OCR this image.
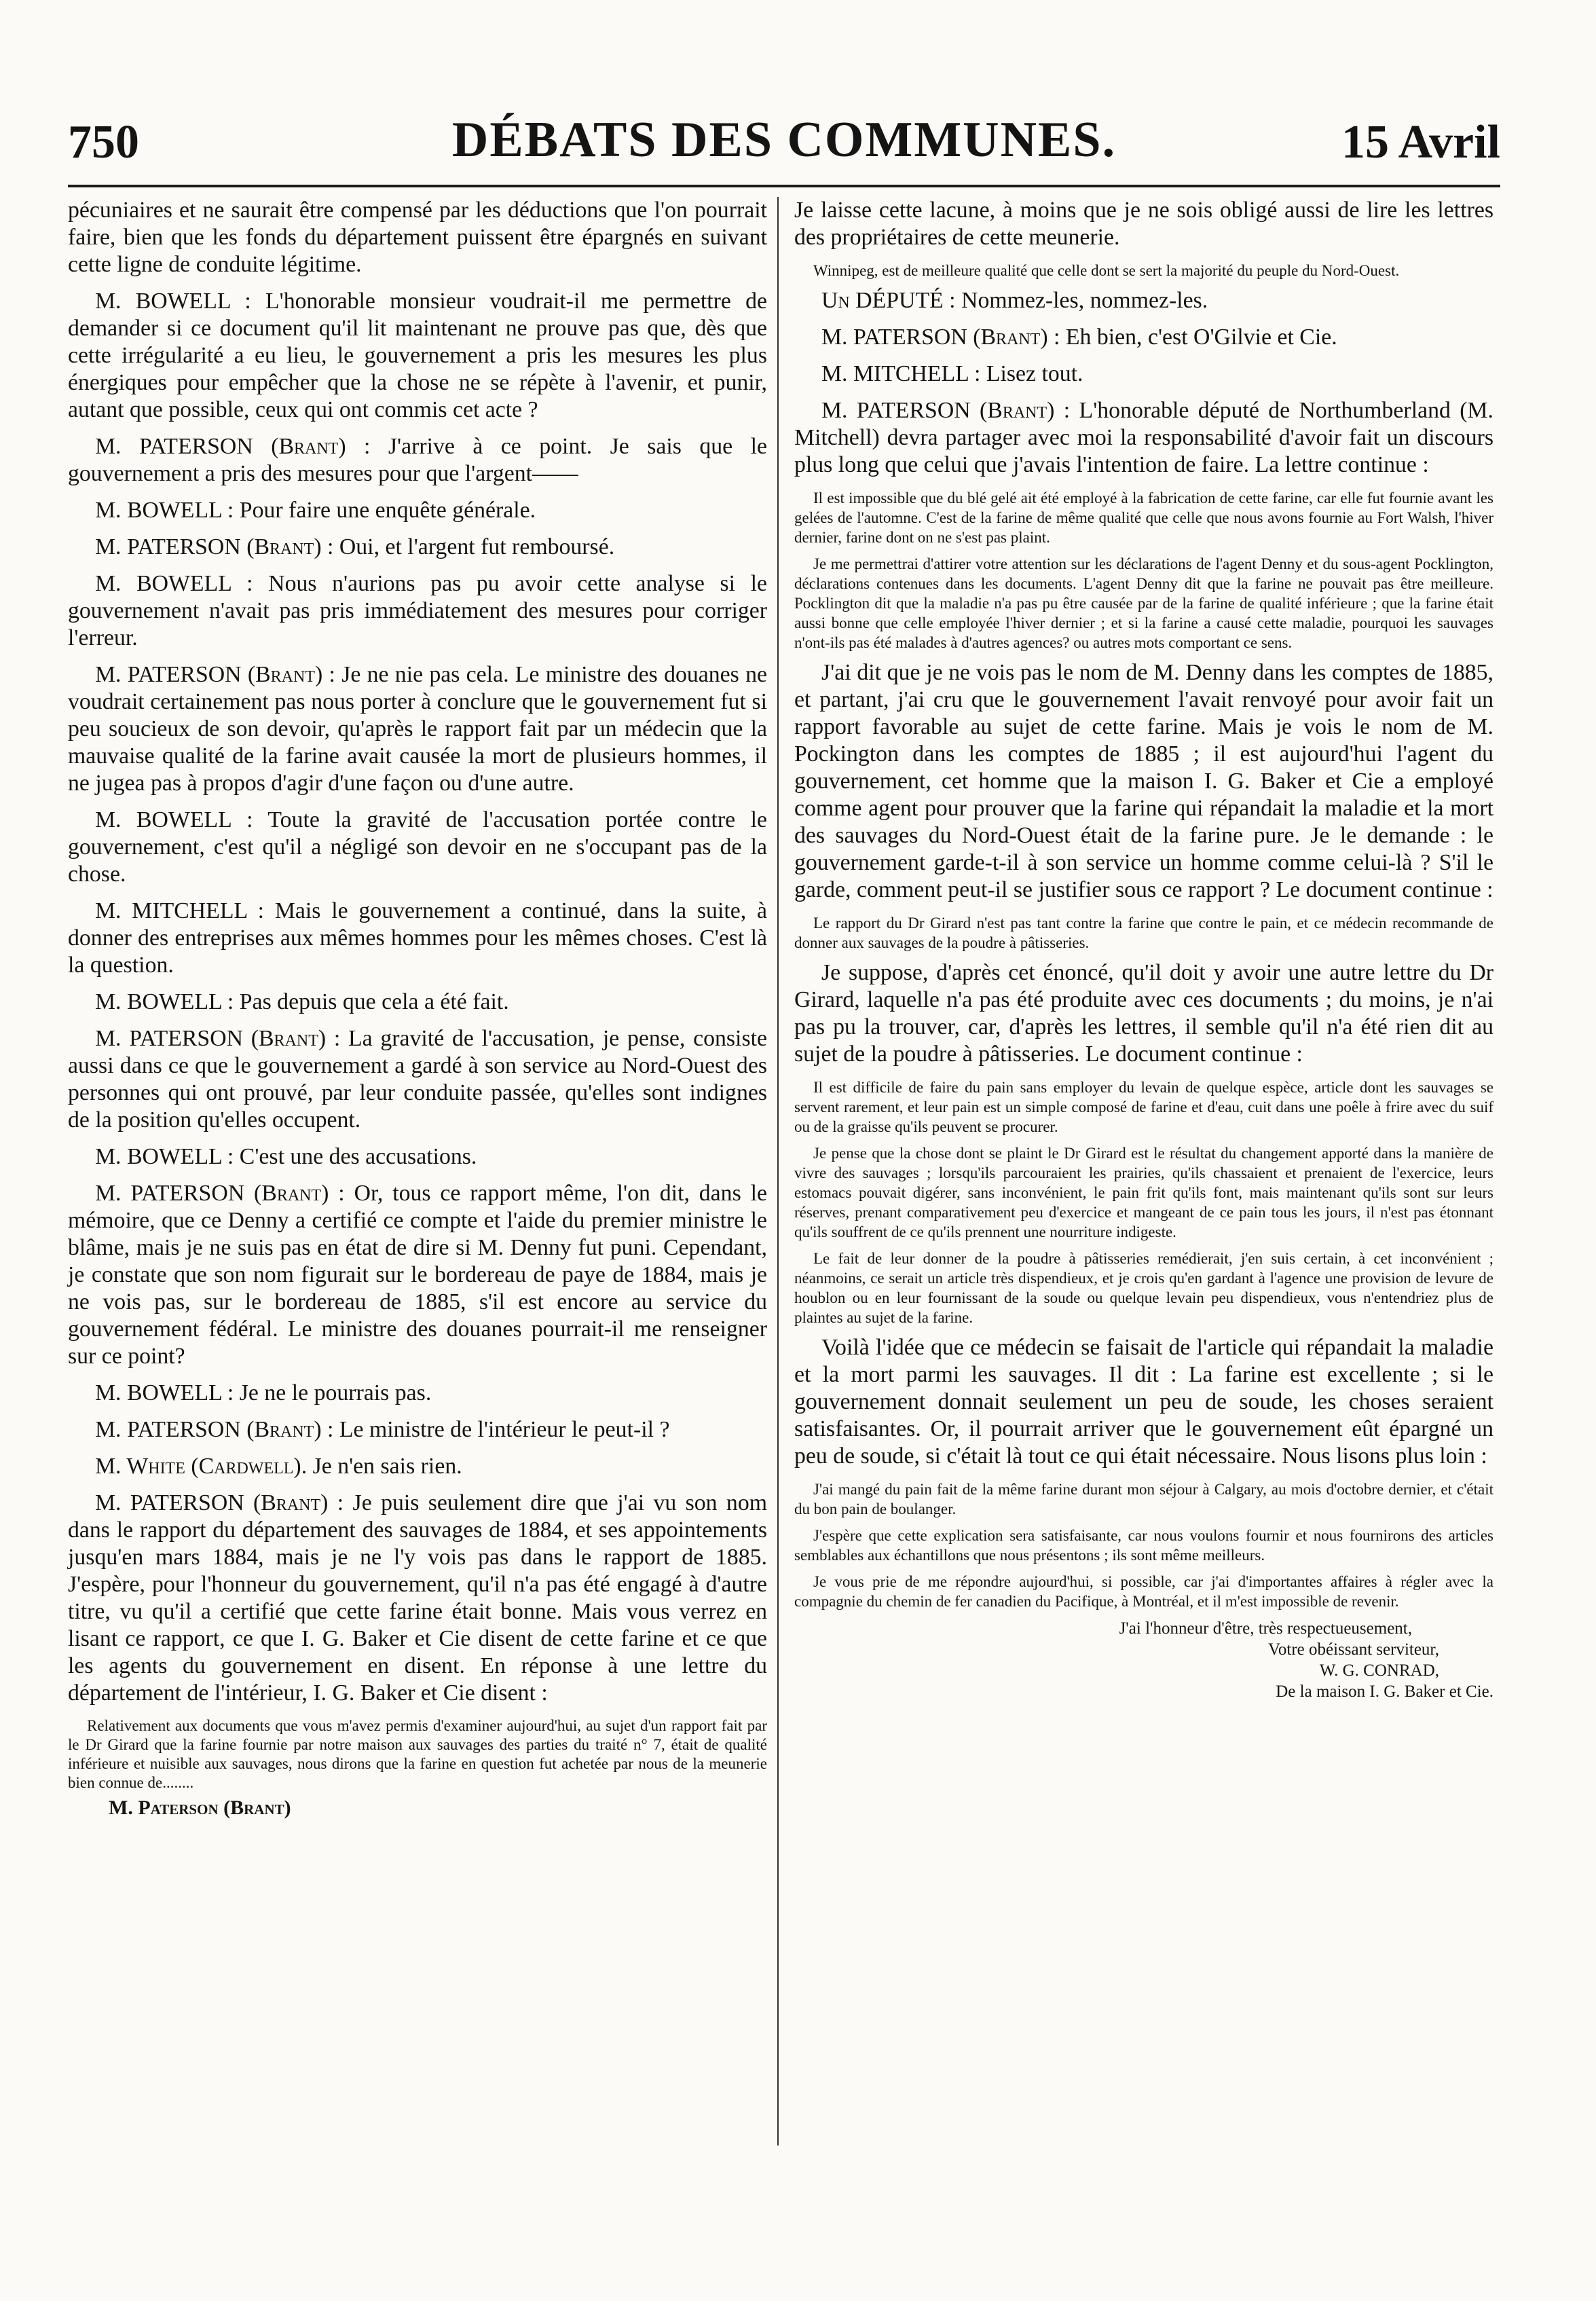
750	DÉBATS DES COMMUNES.	15 Avril

pécuniaires et ne saurait être compensé par les déductions que l'on pourrait faire, bien que les fonds du département puissent être épargnés en suivant cette ligne de conduite légitime.

M. BOWELL : L'honorable monsieur voudrait-il me permettre de demander si ce document qu'il lit maintenant ne prouve pas que, dès que cette irrégularité a eu lieu, le gouvernement a pris les mesures les plus énergiques pour empêcher que la chose ne se répète à l'avenir, et punir, autant que possible, ceux qui ont commis cet acte ?

M. PATERSON (Brant) : J'arrive à ce point. Je sais que le gouvernement a pris des mesures pour que l'argent——

M. BOWELL : Pour faire une enquête générale.

M. PATERSON (Brant) : Oui, et l'argent fut remboursé.

M. BOWELL : Nous n'aurions pas pu avoir cette analyse si le gouvernement n'avait pas pris immédiatement des mesures pour corriger l'erreur.

M. PATERSON (Brant) : Je ne nie pas cela. Le ministre des douanes ne voudrait certainement pas nous porter à conclure que le gouvernement fut si peu soucieux de son devoir, qu'après le rapport fait par un médecin que la mauvaise qualité de la farine avait causée la mort de plusieurs hommes, il ne jugea pas à propos d'agir d'une façon ou d'une autre.

M. BOWELL : Toute la gravité de l'accusation portée contre le gouvernement, c'est qu'il a négligé son devoir en ne s'occupant pas de la chose.

M. MITCHELL : Mais le gouvernement a continué, dans la suite, à donner des entreprises aux mêmes hommes pour les mêmes choses. C'est là la question.

M. BOWELL : Pas depuis que cela a été fait.

M. PATERSON (Brant) : La gravité de l'accusation, je pense, consiste aussi dans ce que le gouvernement a gardé à son service au Nord-Ouest des personnes qui ont prouvé, par leur conduite passée, qu'elles sont indignes de la position qu'elles occupent.

M. BOWELL : C'est une des accusations.

M. PATERSON (Brant) : Or, tous ce rapport même, l'on dit, dans le mémoire, que ce Denny a certifié ce compte et l'aide du premier ministre le blâme, mais je ne suis pas en état de dire si M. Denny fut puni. Cependant, je constate que son nom figurait sur le bordereau de paye de 1884, mais je ne vois pas, sur le bordereau de 1885, s'il est encore au service du gouvernement fédéral. Le ministre des douanes pourrait-il me renseigner sur ce point?

M. BOWELL : Je ne le pourrais pas.

M. PATERSON (Brant) : Le ministre de l'intérieur le peut-il ?

M. White (Cardwell). Je n'en sais rien.

M. PATERSON (Brant) : Je puis seulement dire que j'ai vu son nom dans le rapport du département des sauvages de 1884, et ses appointements jusqu'en mars 1884, mais je ne l'y vois pas dans le rapport de 1885. J'espère, pour l'honneur du gouvernement, qu'il n'a pas été engagé à d'autre titre, vu qu'il a certifié que cette farine était bonne. Mais vous verrez en lisant ce rapport, ce que I. G. Baker et Cie disent de cette farine et ce que les agents du gouvernement en disent. En réponse à une lettre du département de l'intérieur, I. G. Baker et Cie disent :

Relativement aux documents que vous m'avez permis d'examiner aujourd'hui, au sujet d'un rapport fait par le Dr Girard que la farine fournie par notre maison aux sauvages des parties du traité n° 7, était de qualité inférieure et nuisible aux sauvages, nous dirons que la farine en question fut achetée par nous de la meunerie bien connue de........
M. Paterson (Brant)

Je laisse cette lacune, à moins que je ne sois obligé aussi de lire les lettres des propriétaires de cette meunerie.

Winnipeg, est de meilleure qualité que celle dont se sert la majorité du peuple du Nord-Ouest.

Un DÉPUTÉ : Nommez-les, nommez-les.

M. PATERSON (Brant) : Eh bien, c'est O'Gilvie et Cie.

M. MITCHELL : Lisez tout.

M. PATERSON (Brant) : L'honorable député de Northumberland (M. Mitchell) devra partager avec moi la responsabilité d'avoir fait un discours plus long que celui que j'avais l'intention de faire. La lettre continue :

Il est impossible que du blé gelé ait été employé à la fabrication de cette farine, car elle fut fournie avant les gelées de l'automne. C'est de la farine de même qualité que celle que nous avons fournie au Fort Walsh, l'hiver dernier, farine dont on ne s'est pas plaint.
Je me permettrai d'attirer votre attention sur les déclarations de l'agent Denny et du sous-agent Pocklington, déclarations contenues dans les documents. L'agent Denny dit que la farine ne pouvait pas être meilleure. Pocklington dit que la maladie n'a pas pu être causée par de la farine de qualité inférieure ; que la farine était aussi bonne que celle employée l'hiver dernier ; et si la farine a causé cette maladie, pourquoi les sauvages n'ont-ils pas été malades à d'autres agences? ou autres mots comportant ce sens.

J'ai dit que je ne vois pas le nom de M. Denny dans les comptes de 1885, et partant, j'ai cru que le gouvernement l'avait renvoyé pour avoir fait un rapport favorable au sujet de cette farine. Mais je vois le nom de M. Pockington dans les comptes de 1885 ; il est aujourd'hui l'agent du gouvernement, cet homme que la maison I. G. Baker et Cie a employé comme agent pour prouver que la farine qui répandait la maladie et la mort des sauvages du Nord-Ouest était de la farine pure. Je le demande : le gouvernement garde-t-il à son service un homme comme celui-là ? S'il le garde, comment peut-il se justifier sous ce rapport ? Le document continue :

Le rapport du Dr Girard n'est pas tant contre la farine que contre le pain, et ce médecin recommande de donner aux sauvages de la poudre à pâtisseries.

Je suppose, d'après cet énoncé, qu'il doit y avoir une autre lettre du Dr Girard, laquelle n'a pas été produite avec ces documents ; du moins, je n'ai pas pu la trouver, car, d'après les lettres, il semble qu'il n'a été rien dit au sujet de la poudre à pâtisseries. Le document continue :

Il est difficile de faire du pain sans employer du levain de quelque espèce, article dont les sauvages se servent rarement, et leur pain est un simple composé de farine et d'eau, cuit dans une poêle à frire avec du suif ou de la graisse qu'ils peuvent se procurer.
Je pense que la chose dont se plaint le Dr Girard est le résultat du changement apporté dans la manière de vivre des sauvages ; lorsqu'ils parcouraient les prairies, qu'ils chassaient et prenaient de l'exercice, leurs estomacs pouvait digérer, sans inconvénient, le pain frit qu'ils font, mais maintenant qu'ils sont sur leurs réserves, prenant comparativement peu d'exercice et mangeant de ce pain tous les jours, il n'est pas étonnant qu'ils souffrent de ce qu'ils prennent une nourriture indigeste.
Le fait de leur donner de la poudre à pâtisseries remédierait, j'en suis certain, à cet inconvénient ; néanmoins, ce serait un article très dispendieux, et je crois qu'en gardant à l'agence une provision de levure de houblon ou en leur fournissant de la soude ou quelque levain peu dispendieux, vous n'entendriez plus de plaintes au sujet de la farine.

Voilà l'idée que ce médecin se faisait de l'article qui répandait la maladie et la mort parmi les sauvages. Il dit : La farine est excellente ; si le gouvernement donnait seulement un peu de soude, les choses seraient satisfaisantes. Or, il pourrait arriver que le gouvernement eût épargné un peu de soude, si c'était là tout ce qui était nécessaire. Nous lisons plus loin :

J'ai mangé du pain fait de la même farine durant mon séjour à Calgary, au mois d'octobre dernier, et c'était du bon pain de boulanger.
J'espère que cette explication sera satisfaisante, car nous voulons fournir et nous fournirons des articles semblables aux échantillons que nous présentons ; ils sont même meilleurs.
Je vous prie de me répondre aujourd'hui, si possible, car j'ai d'importantes affaires à régler avec la compagnie du chemin de fer canadien du Pacifique, à Montréal, et il m'est impossible de revenir.
J'ai l'honneur d'être, très respectueusement,
Votre obéissant serviteur,
W. G. CONRAD,
De la maison I. G. Baker et Cie.
